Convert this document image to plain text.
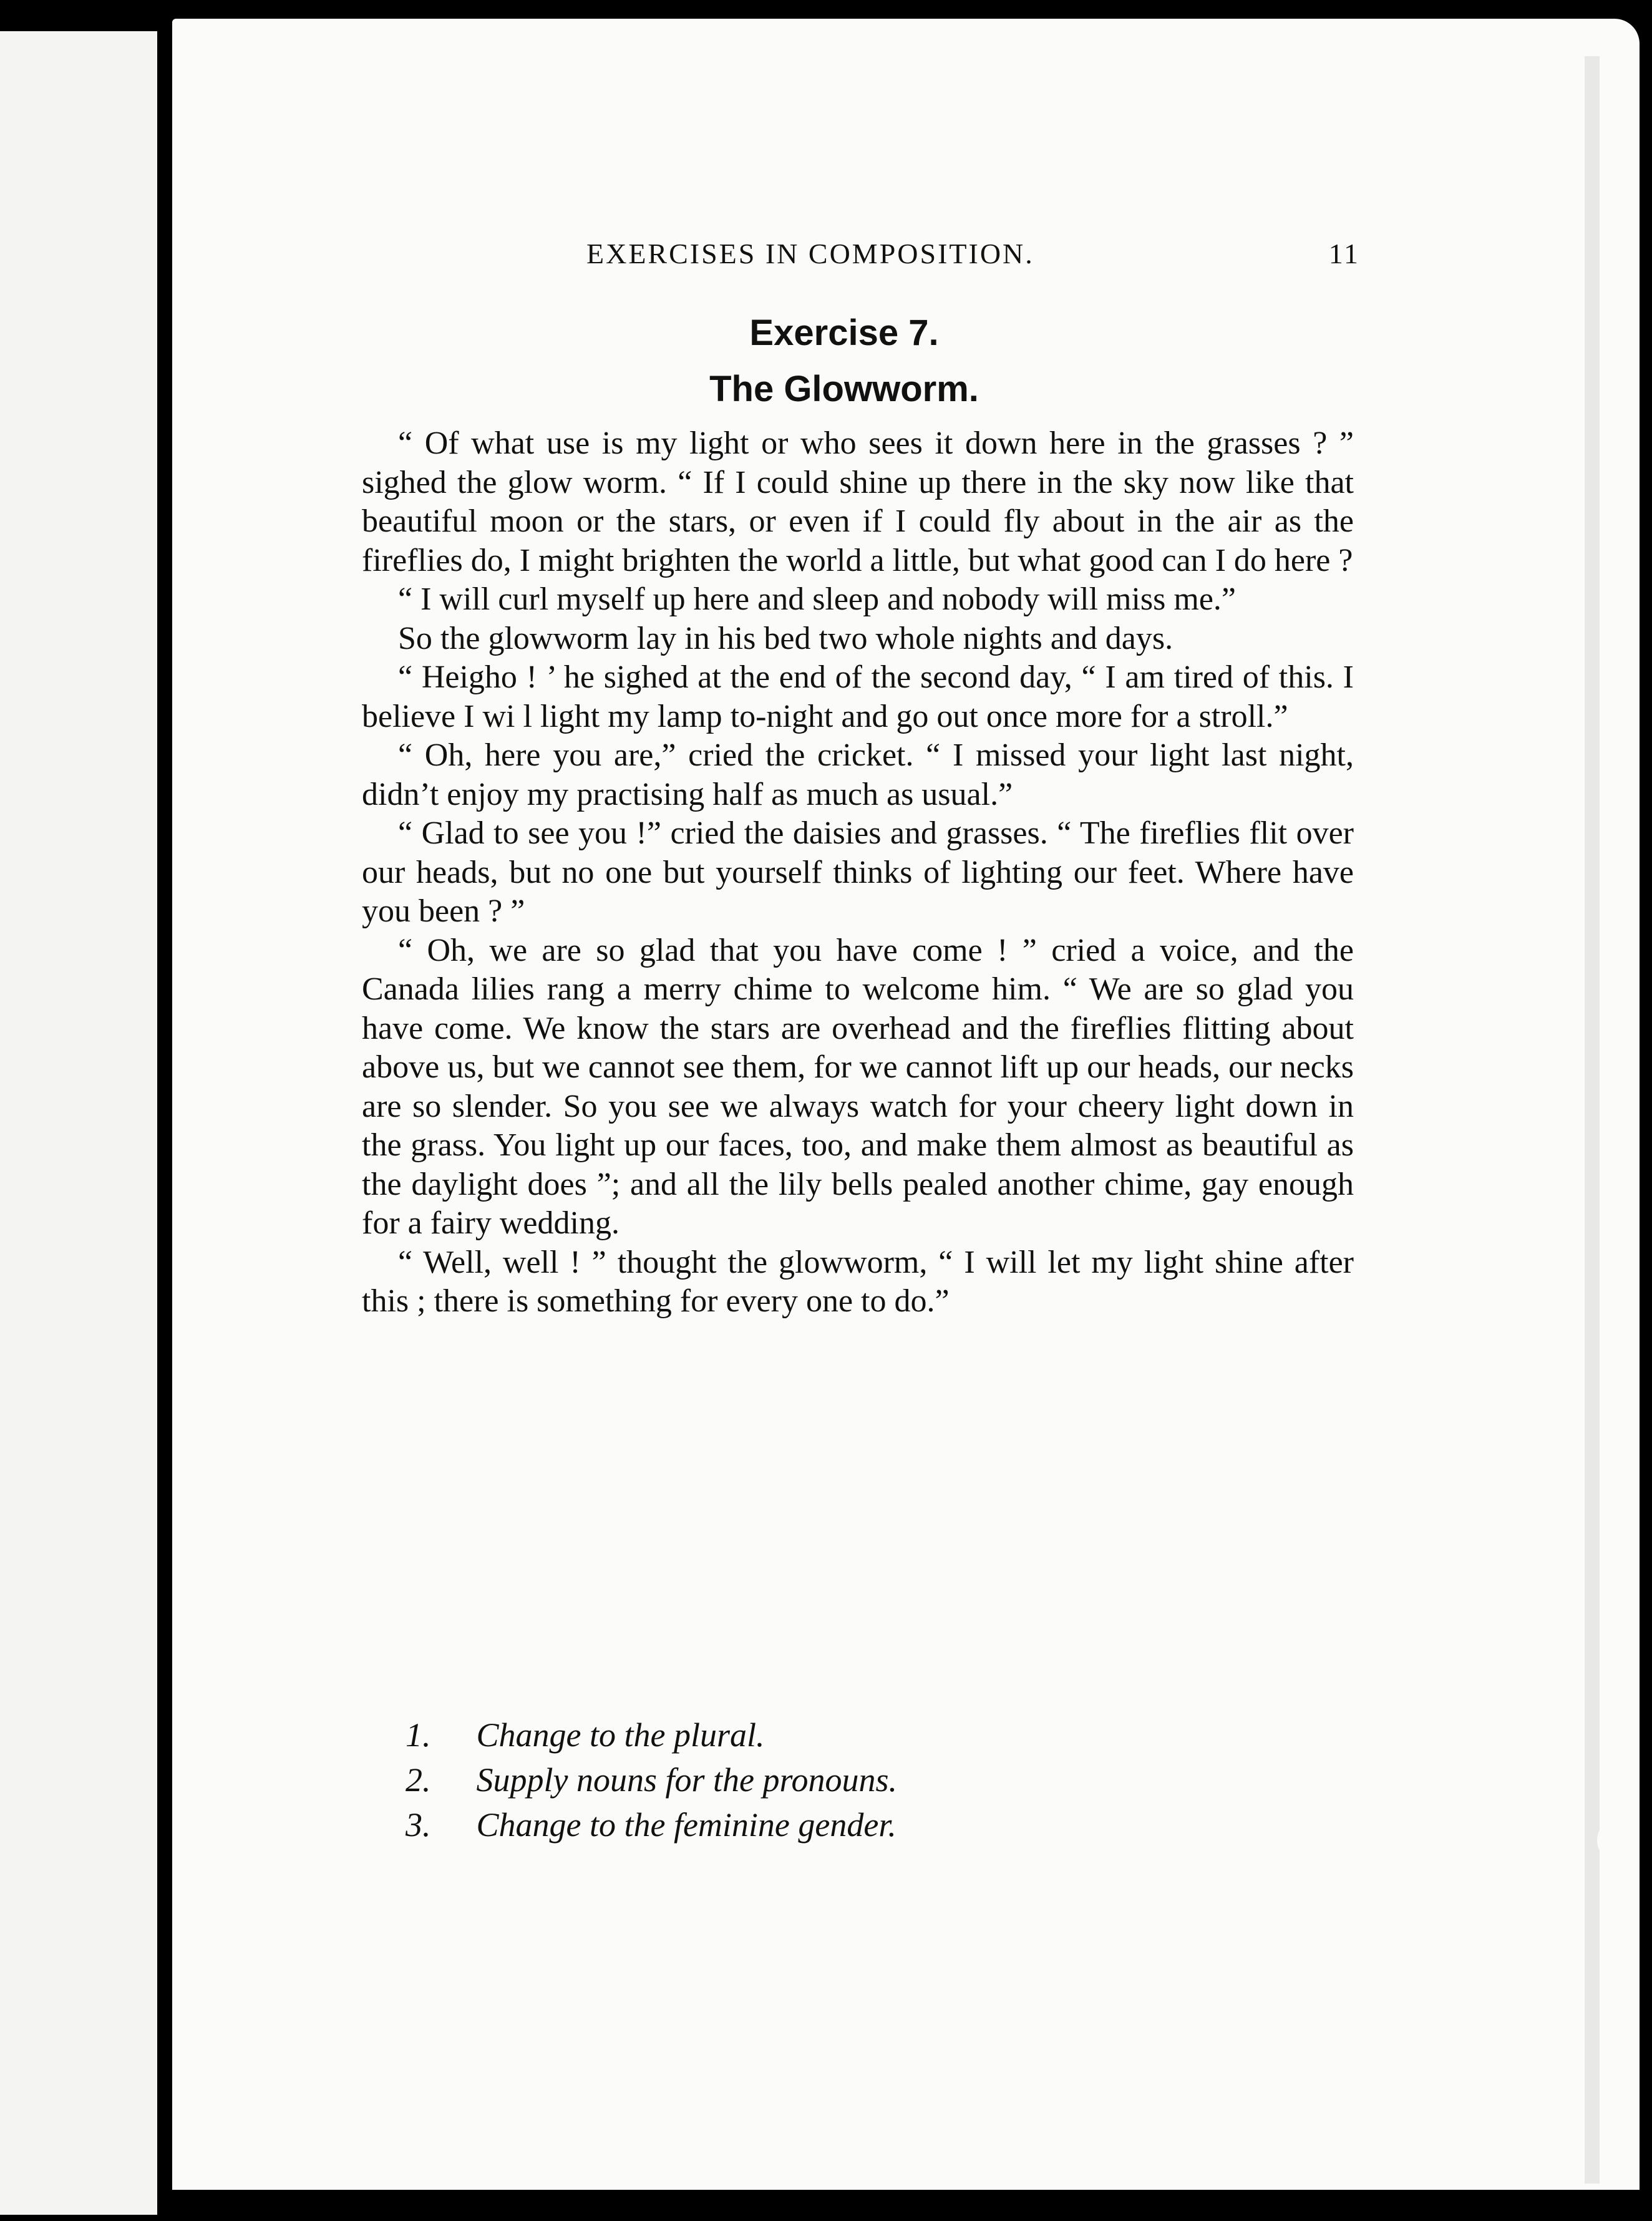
EXERCISES IN COMPOSITION.	11
Exercise 7.
The Glowworm.

“ Of what use is my light or who sees it down here in the grasses ? ” sighed the glow worm. “ If I could shine up there in the sky now like that beautiful moon or the stars, or even if I could fly about in the air as the fireflies do, I might brighten the world a little, but what good can I do here ?

“ I will curl myself up here and sleep and nobody will miss me.”

So the glowworm lay in his bed two whole nights and days.

“ Heigho ! ’ he sighed at the end of the second day, “ I am tired of this. I believe I wi l light my lamp to-night and go out once more for a stroll.”

“ Oh, here you are,” cried the cricket. “ I missed your light last night, didn’t enjoy my practising half as much as usual.”

“ Glad to see you !” cried the daisies and grasses. “ The fireflies flit over our heads, but no one but yourself thinks of lighting our feet. Where have you been ? ”

“ Oh, we are so glad that you have come ! ” cried a voice, and the Canada lilies rang a merry chime to welcome him. “ We are so glad you have come. We know the stars are overhead and the fireflies flitting about above us, but we cannot see them, for we cannot lift up our heads, our necks are so slender. So you see we always watch for your cheery light down in the grass. You light up our faces, too, and make them almost as beautiful as the daylight does ”; and all the lily bells pealed another chime, gay enough for a fairy wedding.

“ Well, well ! ” thought the glowworm, “ I will let my light shine after this ; there is something for every one to do.”

1. Change to the plural.
2. Supply nouns for the pronouns.
3. Change to the feminine gender.
